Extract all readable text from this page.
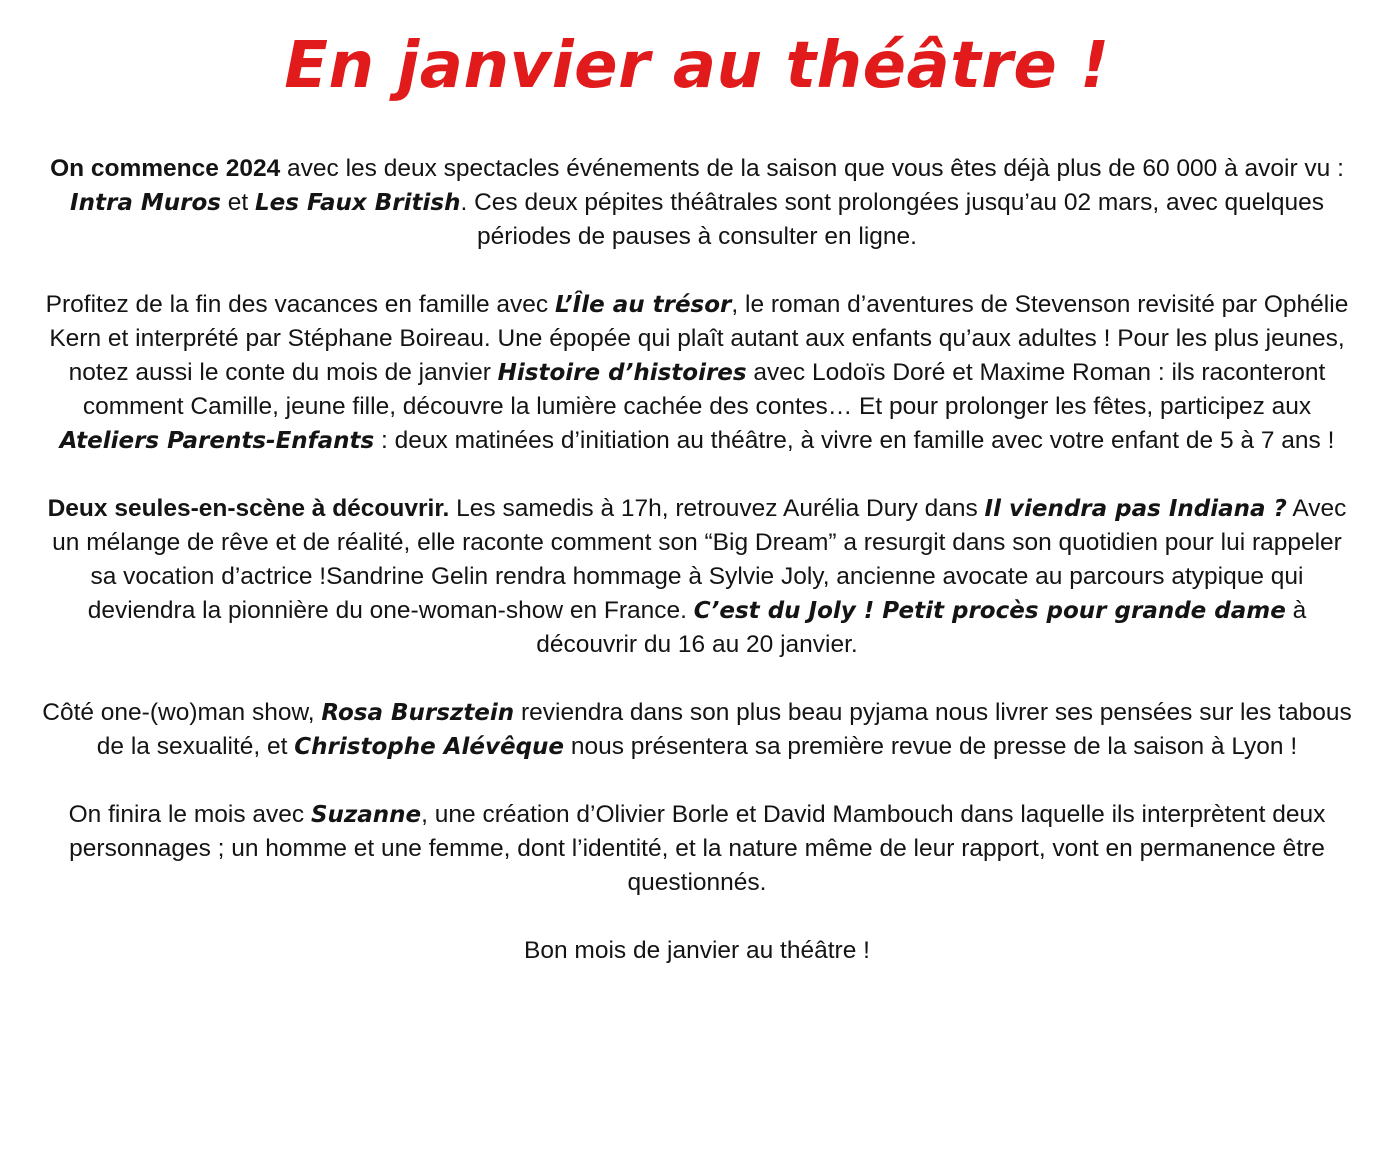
En janvier au théâtre !

On commence 2024 avec les deux spectacles événements de la saison que vous êtes déjà plus de 60 000 à avoir vu : Intra Muros et Les Faux British. Ces deux pépites théâtrales sont prolongées jusqu’au 02 mars, avec quelques périodes de pauses à consulter en ligne.

Profitez de la fin des vacances en famille avec L’Île au trésor, le roman d’aventures de Stevenson revisité par Ophélie Kern et interprété par Stéphane Boireau. Une épopée qui plaît autant aux enfants qu’aux adultes ! Pour les plus jeunes, notez aussi le conte du mois de janvier Histoire d’histoires avec Lodoïs Doré et Maxime Roman : ils raconteront comment Camille, jeune fille, découvre la lumière cachée des contes… Et pour prolonger les fêtes, participez aux Ateliers Parents-Enfants : deux matinées d’initiation au théâtre, à vivre en famille avec votre enfant de 5 à 7 ans !

Deux seules-en-scène à découvrir. Les samedis à 17h, retrouvez Aurélia Dury dans Il viendra pas Indiana ? Avec un mélange de rêve et de réalité, elle raconte comment son “Big Dream” a resurgit dans son quotidien pour lui rappeler sa vocation d’actrice !Sandrine Gelin rendra hommage à Sylvie Joly, ancienne avocate au parcours atypique qui deviendra la pionnière du one-woman-show en France. C’est du Joly ! Petit procès pour grande dame à découvrir du 16 au 20 janvier.

Côté one-(wo)man show, Rosa Bursztein reviendra dans son plus beau pyjama nous livrer ses pensées sur les tabous de la sexualité, et Christophe Alévêque nous présentera sa première revue de presse de la saison à Lyon !

On finira le mois avec Suzanne, une création d’Olivier Borle et David Mambouch dans laquelle ils interprètent deux personnages ; un homme et une femme, dont l’identité, et la nature même de leur rapport, vont en permanence être questionnés.

Bon mois de janvier au théâtre !
